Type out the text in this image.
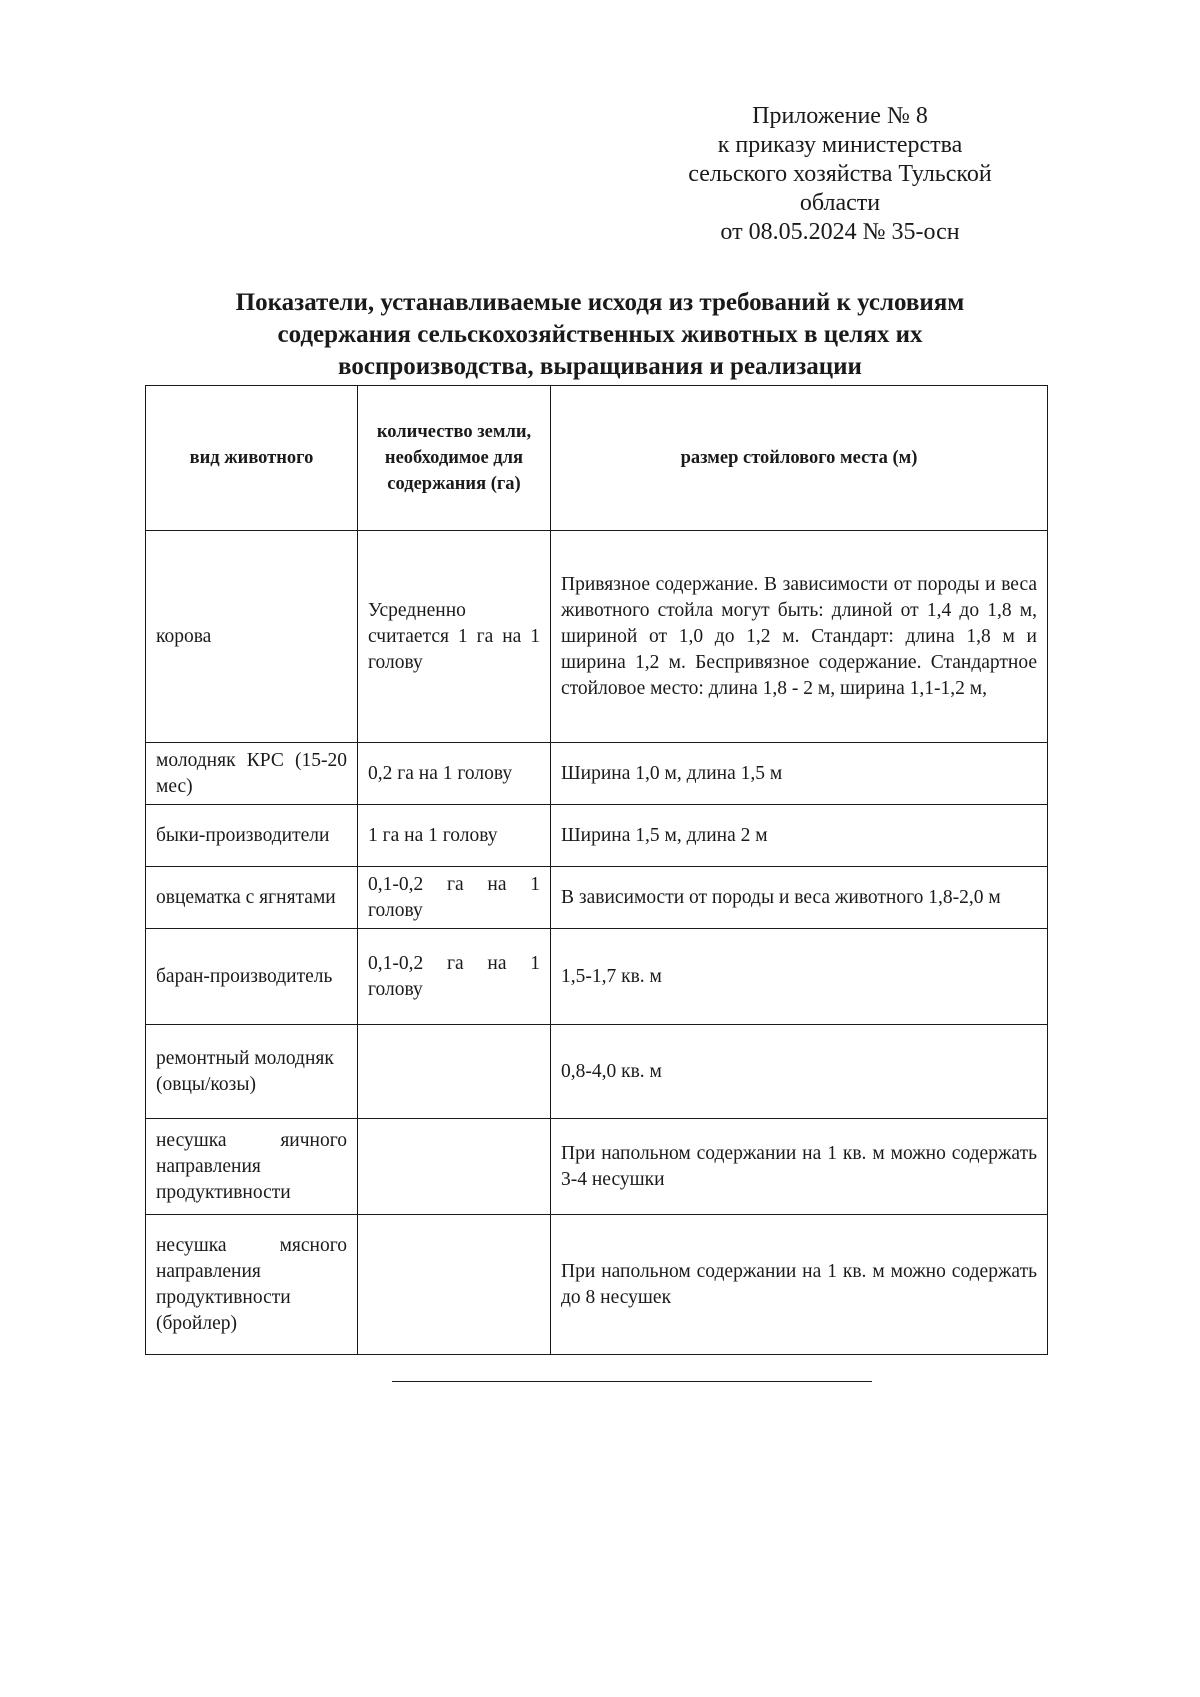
Приложение № 8
к приказу министерства
сельского хозяйства Тульской
области
от 08.05.2024 № 35-осн
Показатели, устанавливаемые исходя из требований к условиям
содержания сельскохозяйственных животных в целях их
воспроизводства, выращивания и реализации
вид животного	количество земли, необходимое для содержания (га)	размер стойлового места (м)
корова	Усредненно считается 1 га на 1 голову	Привязное содержание. В зависимости от породы и веса животного стойла могут быть: длиной от 1,4 до 1,8 м, шириной от 1,0 до 1,2 м. Стандарт: длина 1,8 м и ширина 1,2 м. Беспривязное содержание. Стандартное стойловое место: длина 1,8 - 2 м, ширина 1,1-1,2 м,
молодняк КРС (15-20 мес)	0,2 га на 1 голову	Ширина 1,0 м, длина 1,5 м
быки-производители	1 га на 1 голову	Ширина 1,5 м, длина 2 м
овцематка с ягнятами	0,1-0,2 га на 1 голову	В зависимости от породы и веса животного 1,8-2,0 м
баран-производитель	0,1-0,2 га на 1 голову	1,5-1,7 кв. м
ремонтный молодняк (овцы/козы)		0,8-4,0 кв. м
несушка яичного направления продуктивности		При напольном содержании на 1 кв. м можно содержать 3-4 несушки
несушка мясного направления продуктивности (бройлер)		При напольном содержании на 1 кв. м можно содержать до 8 несушек
